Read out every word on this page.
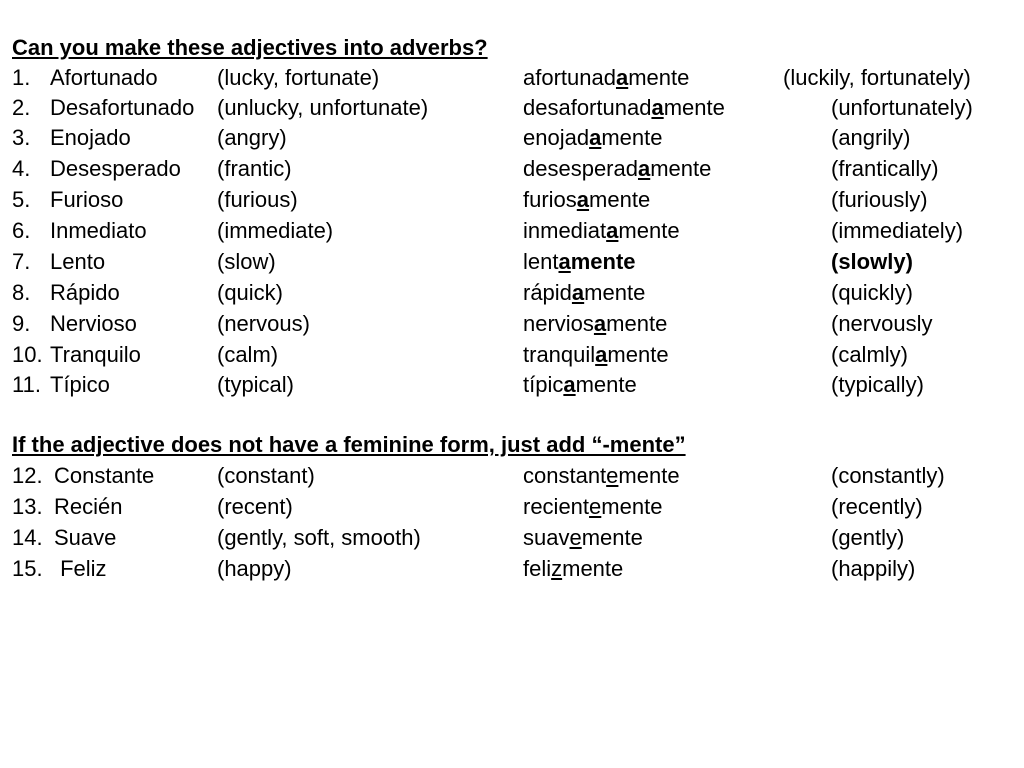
Can you make these adjectives into adverbs?
1. Afortunado	(lucky, fortunate)	afortunadamente	(luckily, fortunately)
2. Desafortunado (unlucky, unfortunate)	desafortunadamente	(unfortunately)
3. Enojado	(angry)	enojadamente	(angrily)
4. Desesperado (frantic)	desesperadamente	(frantically)
5. Furioso	(furious)	furiosamente	(furiously)
6. Inmediato	(immediate)	inmediatamente	(immediately)
7. Lento	(slow)	lentamente	(slowly)
8. Rápido	(quick)	rápidamente	(quickly)
9. Nervioso	(nervous)	nerviosamente	(nervously
10. Tranquilo	(calm)	tranquilamente	(calmly)
11. Típico	(typical)	típicamente	(typically)
If the adjective does not have a feminine form, just add “-mente”
12. Constante	(constant)	constantemente	(constantly)
13. Recién	(recent)	recientemente	(recently)
14. Suave	(gently, soft, smooth)	suavemente	(gently)
15. Feliz	(happy)	felizmente	(happily)
